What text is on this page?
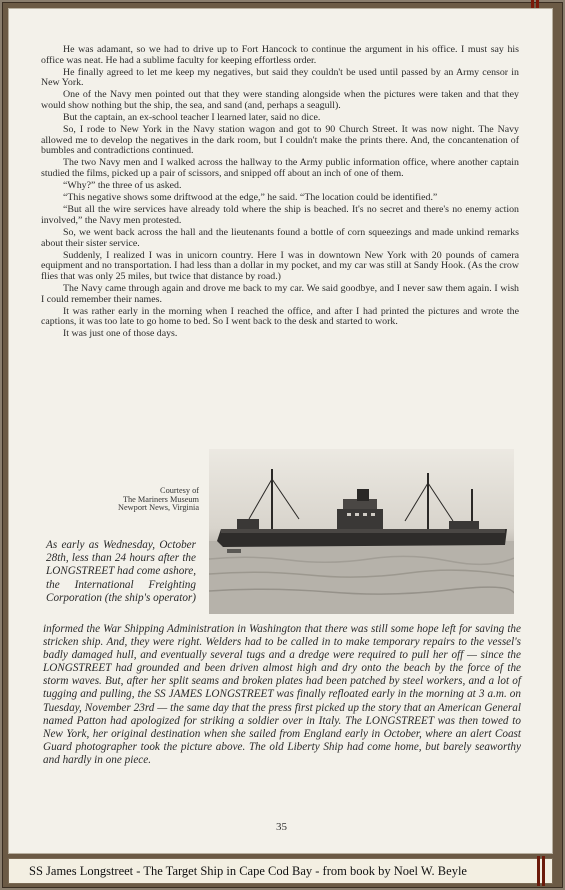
He was adamant, so we had to drive up to Fort Hancock to continue the argument in his office. I must say his office was neat. He had a sublime faculty for keeping effortless order.

He finally agreed to let me keep my negatives, but said they couldn't be used until passed by an Army censor in New York.

One of the Navy men pointed out that they were standing alongside when the pictures were taken and that they would show nothing but the ship, the sea, and sand (and, perhaps a seagull).

But the captain, an ex-school teacher I learned later, said no dice.

So, I rode to New York in the Navy station wagon and got to 90 Church Street. It was now night. The Navy allowed me to develop the negatives in the dark room, but I couldn't make the prints there. And, the concantenation of bumbles and contradictions continued.

The two Navy men and I walked across the hallway to the Army public information office, where another captain studied the films, picked up a pair of scissors, and snipped off about an inch of one of them.

“Why?” the three of us asked.

“This negative shows some driftwood at the edge,” he said. “The location could be identified.”

“But all the wire services have already told where the ship is beached. It's no secret and there's no enemy action involved,” the Navy men protested.

So, we went back across the hall and the lieutenants found a bottle of corn squeezings and made unkind remarks about their sister service.

Suddenly, I realized I was in unicorn country. Here I was in downtown New York with 20 pounds of camera equipment and no transportation. I had less than a dollar in my pocket, and my car was still at Sandy Hook. (As the crow flies that was only 25 miles, but twice that distance by road.)

The Navy came through again and drove me back to my car. We said goodbye, and I never saw them again. I wish I could remember their names.

It was rather early in the morning when I reached the office, and after I had printed the pictures and wrote the captions, it was too late to go home to bed. So I went back to the desk and started to work.

It was just one of those days.

Courtesy of
The Mariners Museum
Newport News, Virginia
As early as Wednesday, October 28th, less than 24 hours after the LONGSTREET had come ashore, the International Freighting Corporation (the ship's operator)
informed the War Shipping Administration in Washington that there was still some hope left for saving the stricken ship. And, they were right. Welders had to be called in to make temporary repairs to the vessel's badly damaged hull, and eventually several tugs and a dredge were required to pull her off — since the LONGSTREET had grounded and been driven almost high and dry onto the beach by the force of the storm waves. But, after her split seams and broken plates had been patched by steel workers, and a lot of tugging and pulling, the SS JAMES LONGSTREET was finally refloated early in the morning at 3 a.m. on Tuesday, November 23rd — the same day that the press first picked up the story that an American General named Patton had apologized for striking a soldier over in Italy. The LONGSTREET was then towed to New York, her original destination when she sailed from England early in October, where an alert Coast Guard photographer took the picture above. The old Liberty Ship had come home, but barely seaworthy and hardly in one piece.
35
SS James Longstreet - The Target Ship in Cape Cod Bay - from book by Noel W. Beyle
